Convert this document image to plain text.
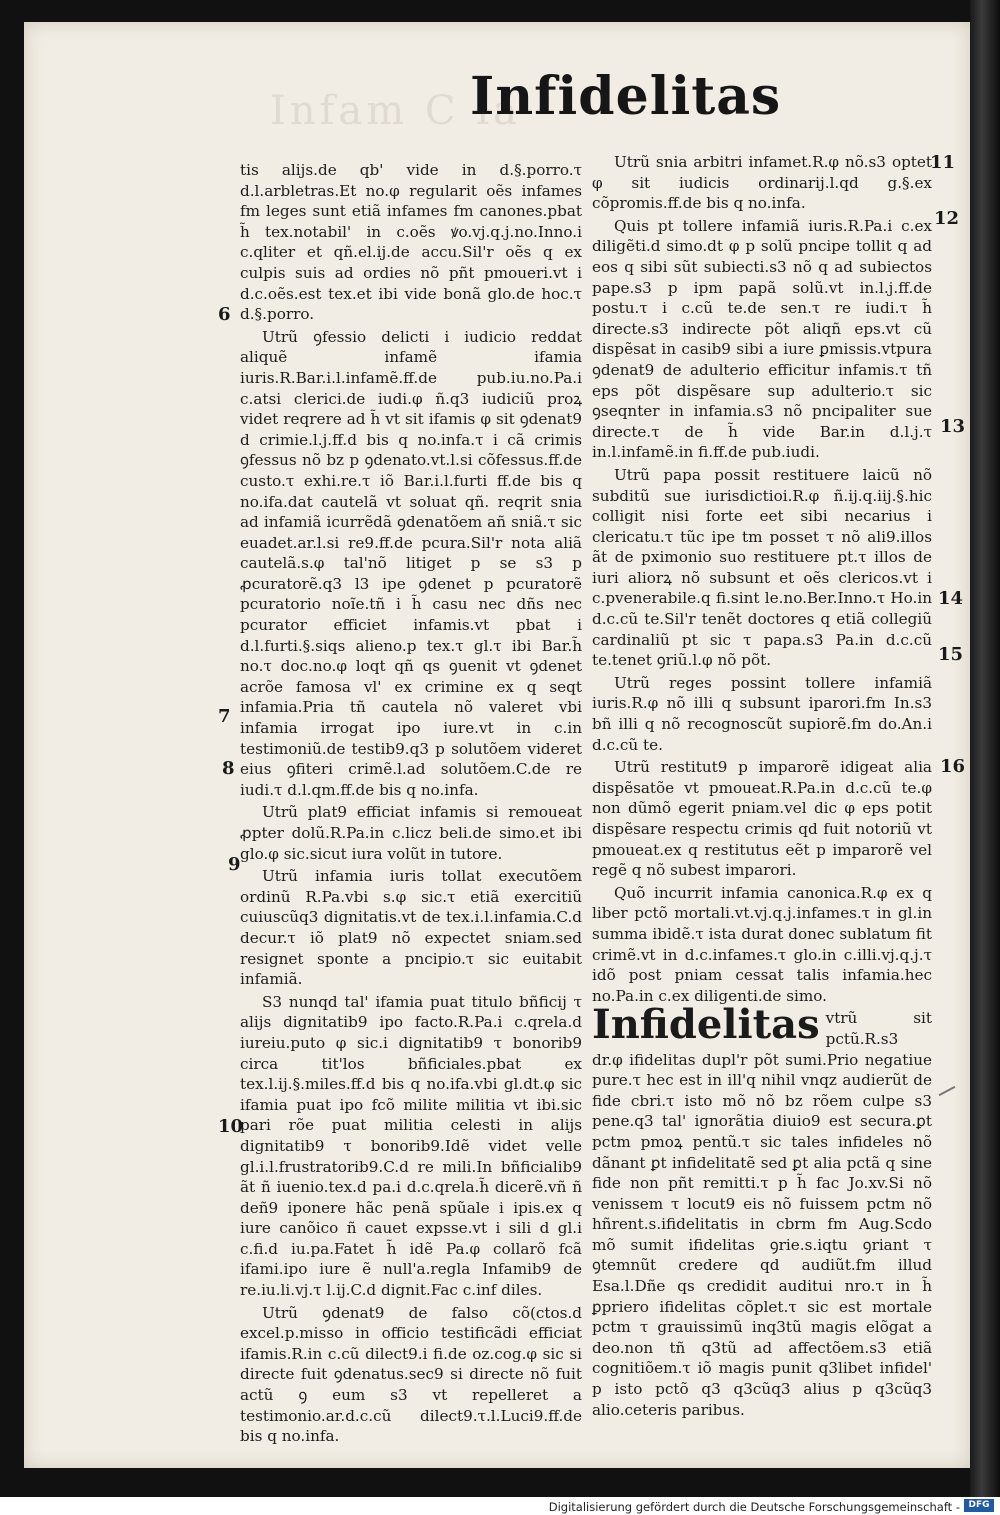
Infam C ia
Infidelitas

tis alijs.de qb' vide in d.§.porro.τ d.l.arbletras.Et no.φ regularit oẽs infames fm leges sunt etiã infames fm canones.pbat h̃ tex.notabil' in c.oẽs ꝟo.vj.q.j.no.Inno.i c.qliter et qñ.el.ij.de accu.Sil'r oẽs q ex culpis suis ad ordies nõ pñt pmoueri.vt i d.c.oẽs.est tex.et ibi vide bonã glo.de hoc.τ d.§.porro.

Utrũ ꝯfessio delicti i iudicio reddat aliquẽ infamẽ ifamia iuris.R.Bar.i.l.infamẽ.ff.de pub.iu.no.Pa.i c.atsi clerici.de iudi.φ ñ.q3 iudiciũ proꝝ videt reqrere ad h̃ vt sit ifamis φ sit ꝯdenat9 d crimie.l.j.ff.d bis q no.infa.τ i cã crimis ꝯfessus nõ bz p ꝯdenato.vt.l.si cõfessus.ff.de custo.τ exhi.re.τ iõ Bar.i.l.furti ff.de bis q no.ifa.dat cautelã vt soluat qñ. reqrit snia ad infamiã icurrẽdã ꝯdenatõem añ sniã.τ sic euadet.ar.l.si re9.ff.de pcura.Sil'r nota aliã cautelã.s.φ tal'nõ litiget p se s3 p ꝓcuratorẽ.q3 l3 ipe ꝯdenet p pcuratorẽ pcuratorio noĩe.tñ i h̃ casu nec dñs nec pcurator efficiet infamis.vt pbat i d.l.furti.§.siqs alieno.p tex.τ gl.τ ibi Bar.h̃ no.τ doc.no.φ loqt qñ qs ꝯuenit vt ꝯdenet acrõe famosa vl' ex crimine ex q seqt infamia.Pria tñ cautela nõ valeret vbi infamia irrogat ipo iure.vt in c.in testimoniũ.de testib9.q3 p solutõem videret eius ꝯfiteri crimẽ.l.ad solutõem.C.de re iudi.τ d.l.qm.ff.de bis q no.infa.

Utrũ plat9 efficiat infamis si remoueat ꝓpter dolũ.R.Pa.in c.licz beli.de simo.et ibi glo.φ sic.sicut iura volũt in tutore.

Utrũ infamia iuris tollat executõem ordinũ R.Pa.vbi s.φ sic.τ etiã exercitiũ cuiuscũq3 dignitatis.vt de tex.i.l.infamia.C.d decur.τ iõ plat9 nõ expectet sniam.sed resignet sponte a pncipio.τ sic euitabit infamiã.

S3 nunqd tal' ifamia puat titulo bñficij τ alijs dignitatib9 ipo facto.R.Pa.i c.qrela.d iureiu.puto φ sic.i dignitatib9 τ bonorib9 circa tit'los bñficiales.pbat ex tex.l.ij.§.miles.ff.d bis q no.ifa.vbi gl.dt.φ sic ifamia puat ipo fcõ milite militia vt ibi.sic pari rõe puat militia celesti in alijs dignitatib9 τ bonorib9.Idẽ videt velle gl.i.l.frustratorib9.C.d re mili.In bñficialib9 ãt ñ iuenio.tex.d pa.i d.c.qrela.h̃ dicerẽ.vñ ñ deñ9 iponere hãc penã spũale i ipis.ex q iure canõico ñ cauet expsse.vt i sili d gl.i c.fi.d iu.pa.Fatet h̃ idẽ Pa.φ collarõ fcã ifami.ipo iure ẽ null'a.regla Infamib9 de re.iu.li.vj.τ l.ij.C.d dignit.Fac c.inf diles.

Utrũ ꝯdenat9 de falso cõ(ctos.d excel.p.misso in officio testificãdi efficiat ifamis.R.in c.cũ dilect9.i fi.de oz.cog.φ sic si directe fuit ꝯdenatus.sec9 si directe nõ fuit actũ ꝯ eum s3 vt repelleret a testimonio.ar.d.c.cũ dilect9.τ.l.Luci9.ff.de bis q no.infa.

Utrũ snia arbitri infamet.R.φ nõ.s3 optet φ sit iudicis ordinarij.l.qd g.§.ex cõpromis.ff.de bis q no.infa.

Quis pt tollere infamiã iuris.R.Pa.i c.ex diligẽti.d simo.dt φ p solũ pncipe tollit q ad eos q sibi sũt subiecti.s3 nõ q ad subiectos pape.s3 p ipm papã solũ.vt in.l.j.ff.de postu.τ i c.cũ te.de sen.τ re iudi.τ h̃ directe.s3 indirecte põt aliqñ eps.vt cũ dispẽsat in casib9 sibi a iure ꝑmissis.vtpura ꝯdenat9 de adulterio efficitur infamis.τ tñ eps põt dispẽsare sup adulterio.τ sic ꝯseqnter in infamia.s3 nõ pncipaliter sue directe.τ de h̃ vide Bar.in d.l.j.τ in.l.infamẽ.in fi.ff.de pub.iudi.

Utrũ papa possit restituere laicũ nõ subditũ sue iurisdictioi.R.φ ñ.ij.q.iij.§.hic colligit nisi forte eet sibi necarius i clericatu.τ tũc ipe tm posset τ nõ ali9.illos ãt de pximonio suo restituere pt.τ illos de iuri aliorꝝ nõ subsunt et oẽs clericos.vt i c.pvenerabile.q fi.sint le.no.Ber.Inno.τ Ho.in d.c.cũ te.Sil'r tenẽt doctores q etiã collegiũ cardinaliũ pt sic τ papa.s3 Pa.in d.c.cũ te.tenet ꝯriũ.l.φ nõ põt.

Utrũ reges possint tollere infamiã iuris.R.φ nõ illi q subsunt iparori.fm In.s3 bñ illi q nõ recognoscũt supiorẽ.fm do.An.i d.c.cũ te.

Utrũ restitut9 p imparorẽ idigeat alia dispẽsatõe vt pmoueat.R.Pa.in d.c.cũ te.φ non dũmõ egerit pniam.vel dic φ eps potit dispẽsare respectu crimis qd fuit notoriũ vt pmoueat.ex q restitutus eẽt p imparorẽ vel regẽ q nõ subest imparori.

Quõ incurrit infamia canonica.R.φ ex q liber pctõ mortali.vt.vj.q.j.infames.τ in gl.in summa ibidẽ.τ ista durat donec sublatum fit crimẽ.vt in d.c.infames.τ glo.in c.illi.vj.q.j.τ idõ post pniam cessat talis infamia.hec no.Pa.in c.ex diligenti.de simo.

Infidelitas vtrũ sit pctũ.R.s3 dr.φ ifidelitas dupl'r põt sumi.Prio negatiue pure.τ hec est in ill'q nihil vnqz audierũt de fide cbri.τ isto mõ nõ bz rõem culpe s3 pene.q3 tal' ignorãtia diuio9 est secura.ꝑt pctm pmoꝝ pentũ.τ sic tales infideles nõ dãnant ꝑt infidelitatẽ sed ꝑt alia pctã q sine fide non pñt remitti.τ p h̃ fac Jo.xv.Si nõ venissem τ locut9 eis nõ fuissem pctm nõ hñrent.s.ifidelitatis in cbrm fm Aug.Scdo mõ sumit ifidelitas ꝯrie.s.iqtu ꝯriant τ ꝯtemnũt credere qd audiũt.fm illud Esa.l.Dñe qs credidit auditui nro.τ in h̃ ꝑpriero ifidelitas cõplet.τ sic est mortale pctm τ grauissimũ inq3tũ magis elõgat a deo.non tñ q3tũ ad affectõem.s3 etiã cognitiõem.τ iõ magis punit q3libet infidel' p isto pctõ q3 q3cũq3 alius p q3cũq3 alio.ceteris paribus.

6
7
8
9
10
11
12
13
14
15
16
Digitalisierung gefördert durch die Deutsche Forschungsgemeinschaft - DFG
